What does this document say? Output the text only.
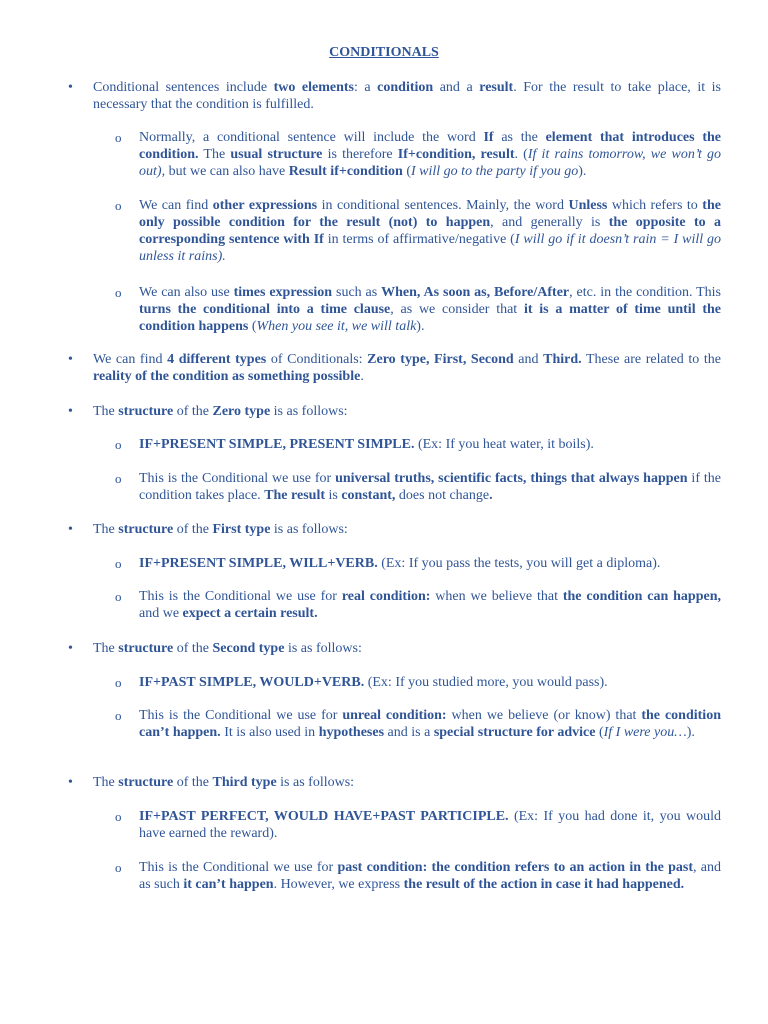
CONDITIONALS
•	Conditional sentences include two elements: a condition and a result. For the result to take place, it is necessary that the condition is fulfilled.
o Normally, a conditional sentence will include the word If as the element that introduces the condition. The usual structure is therefore If+condition, result. (If it rains tomorrow, we won’t go out), but we can also have Result if+condition (I will go to the party if you go).
o We can find other expressions in conditional sentences. Mainly, the word Unless which refers to the only possible condition for the result (not) to happen, and generally is the opposite to a corresponding sentence with If in terms of affirmative/negative (I will go if it doesn’t rain = I will go unless it rains).
o We can also use times expression such as When, As soon as, Before/After, etc. in the condition. This turns the conditional into a time clause, as we consider that it is a matter of time until the condition happens (When you see it, we will talk).
•	We can find 4 different types of Conditionals: Zero type, First, Second and Third. These are related to the reality of the condition as something possible.
•	The structure of the Zero type is as follows:
o IF+PRESENT SIMPLE, PRESENT SIMPLE. (Ex: If you heat water, it boils).
o This is the Conditional we use for universal truths, scientific facts, things that always happen if the condition takes place. The result is constant, does not change.
•	The structure of the First type is as follows:
o IF+PRESENT SIMPLE, WILL+VERB. (Ex: If you pass the tests, you will get a diploma).
o This is the Conditional we use for real condition: when we believe that the condition can happen, and we expect a certain result.
•	The structure of the Second type is as follows:
o IF+PAST SIMPLE, WOULD+VERB. (Ex: If you studied more, you would pass).
o This is the Conditional we use for unreal condition: when we believe (or know) that the condition can’t happen. It is also used in hypotheses and is a special structure for advice (If I were you…).
•	The structure of the Third type is as follows:
o IF+PAST PERFECT, WOULD HAVE+PAST PARTICIPLE. (Ex: If you had done it, you would have earned the reward).
o This is the Conditional we use for past condition: the condition refers to an action in the past, and as such it can’t happen. However, we express the result of the action in case it had happened.
